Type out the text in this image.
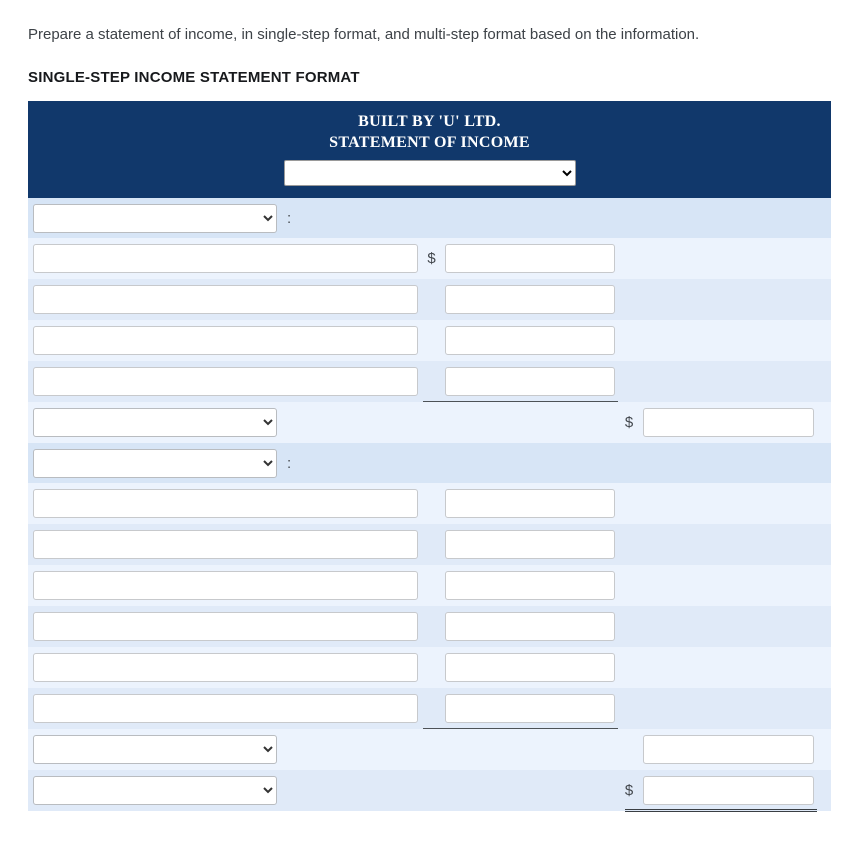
Prepare a statement of income, in single-step format, and multi-step format based on the information.

SINGLE-STEP INCOME STATEMENT FORMAT
BUILT BY 'U' LTD.
STATEMENT OF INCOME
:
$
$
:
$
